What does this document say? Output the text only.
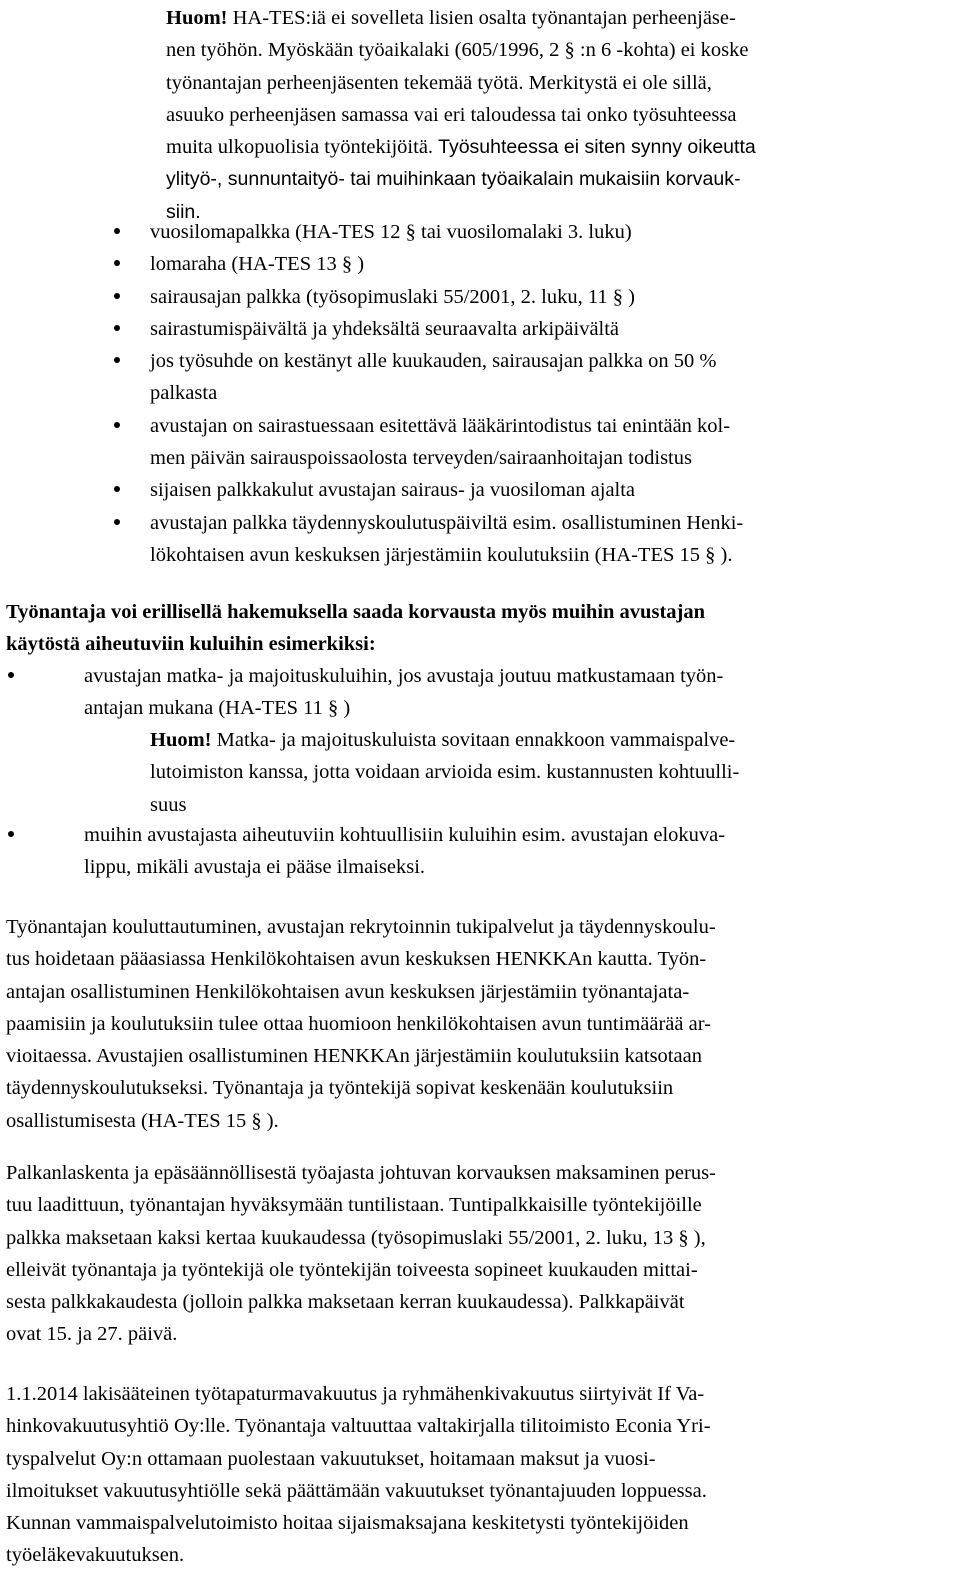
Huom! HA-TES:iä ei sovelleta lisien osalta työnantajan perheenjäse-
nen työhön. Myöskään työaikalaki (605/1996, 2 § :n 6 -kohta) ei koske
työnantajan perheenjäsenten tekemää työtä. Merkitystä ei ole sillä,
asuuko perheenjäsen samassa vai eri taloudessa tai onko työsuhteessa
muita ulkopuolisia työntekijöitä. Työsuhteessa ei siten synny oikeutta
ylityö-, sunnuntaityö- tai muihinkaan työaikalain mukaisiin korvauk-
siin.

vuosilomapalkka (HA-TES 12 § tai vuosilomalaki 3. luku)
lomaraha (HA-TES 13 § )
sairausajan palkka (työsopimuslaki 55/2001, 2. luku, 11 § )
sairastumispäivältä ja yhdeksältä seuraavalta arkipäivältä
jos työsuhde on kestänyt alle kuukauden, sairausajan palkka on 50 %
palkasta
avustajan on sairastuessaan esitettävä lääkärintodistus tai enintään kol-
men päivän sairauspoissaolosta terveyden/sairaanhoitajan todistus
sijaisen palkkakulut avustajan sairaus- ja vuosiloman ajalta
avustajan palkka täydennyskoulutuspäiviltä esim. osallistuminen Henki-
lökohtaisen avun keskuksen järjestämiin koulutuksiin (HA-TES 15 § ).

Työnantaja voi erillisellä hakemuksella saada korvausta myös muihin avustajan
käytöstä aiheutuviin kuluihin esimerkiksi:

avustajan matka- ja majoituskuluihin, jos avustaja joutuu matkustamaan työn-
antajan mukana (HA-TES 11 § )

Huom! Matka- ja majoituskuluista sovitaan ennakkoon vammaispalve-
lutoimiston kanssa, jotta voidaan arvioida esim. kustannusten kohtuulli-
suus

muihin avustajasta aiheutuviin kohtuullisiin kuluihin esim. avustajan elokuva-
lippu, mikäli avustaja ei pääse ilmaiseksi.

Työnantajan kouluttautuminen, avustajan rekrytoinnin tukipalvelut ja täydennyskoulu-
tus hoidetaan pääasiassa Henkilökohtaisen avun keskuksen HENKKAn kautta. Työn-
antajan osallistuminen Henkilökohtaisen avun keskuksen järjestämiin työnantajata-
paamisiin ja koulutuksiin tulee ottaa huomioon henkilökohtaisen avun tuntimäärää ar-
vioitaessa. Avustajien osallistuminen HENKKAn järjestämiin koulutuksiin katsotaan
täydennyskoulutukseksi. Työnantaja ja työntekijä sopivat keskenään koulutuksiin
osallistumisesta (HA-TES 15 § ).

Palkanlaskenta ja epäsäännöllisestä työajasta johtuvan korvauksen maksaminen perus-
tuu laadittuun, työnantajan hyväksymään tuntilistaan. Tuntipalkkaisille työntekijöille
palkka maksetaan kaksi kertaa kuukaudessa (työsopimuslaki 55/2001, 2. luku, 13 § ),
elleivät työnantaja ja työntekijä ole työntekijän toiveesta sopineet kuukauden mittai-
sesta palkkakaudesta (jolloin palkka maksetaan kerran kuukaudessa). Palkkapäivät
ovat 15. ja 27. päivä.

1.1.2014 lakisääteinen työtapaturmavakuutus ja ryhmähenkivakuutus siirtyivät If Va-
hinkovakuutusyhtiö Oy:lle. Työnantaja valtuuttaa valtakirjalla tilitoimisto Econia Yri-
tyspalvelut Oy:n ottamaan puolestaan vakuutukset, hoitamaan maksut ja vuosi-
ilmoitukset vakuutusyhtiölle sekä päättämään vakuutukset työnantajuuden loppuessa.
Kunnan vammaispalvelutoimisto hoitaa sijaismaksajana keskitetysti työntekijöiden
työeläkevakuutuksen.
